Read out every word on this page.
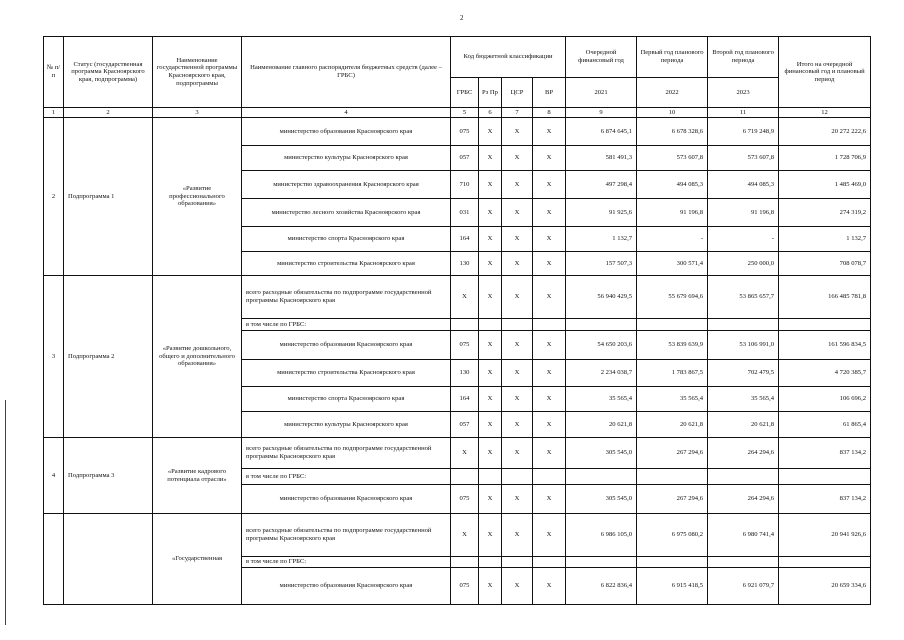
2
№ п/п	Статус (государственная программа Красноярского края, подпрограмма)	Наименование государственной программы Красноярского края, подпрограммы	Наименование главного распорядителя бюджетных средств (далее – ГРБС)	Код бюджетной классификации				Очередной финансовый год	Первый год планового периода	Второй год планового периода	Итого на очередной финансовый год и плановый период
				ГРБС	Рз Пр	ЦСР	ВР	2021	2022	2023	
1	2	3	4	5	6	7	8	9	10	11	12
2	Подпрограмма 1	«Развитие профессионального образования»	министерство образования Красноярского края	075	X	X	X	6 874 645,1	6 678 328,6	6 719 248,9	20 272 222,6
			министерство культуры Красноярского края	057	X	X	X	581 491,3	573 607,8	573 607,8	1 728 706,9
			министерство здравоохранения Красноярского края	710	X	X	X	497 298,4	494 085,3	494 085,3	1 485 469,0
			министерство лесного хозяйства Красноярского края	031	X	X	X	91 925,6	91 196,8	91 196,8	274 319,2
			министерство спорта Красноярского края	164	X	X	X	1 132,7	-	-	1 132,7
			министерство строительства Красноярского края	130	X	X	X	157 507,3	300 571,4	250 000,0	708 078,7
3	Подпрограмма 2	«Развитие дошкольного, общего и дополнительного образования»	всего расходные обязательства по подпрограмме государственной программы Красноярского края	X	X	X	X	56 940 429,5	55 679 694,6	53 865 657,7	166 485 781,8
			в том числе по ГРБС:								
			министерство образования Красноярского края	075	X	X	X	54 650 203,6	53 839 639,9	53 106 991,0	161 596 834,5
			министерство строительства Красноярского края	130	X	X	X	2 234 038,7	1 783 867,5	702 479,5	4 720 385,7
			министерство спорта Красноярского края	164	X	X	X	35 565,4	35 565,4	35 565,4	106 696,2
			министерство культуры Красноярского края	057	X	X	X	20 621,8	20 621,8	20 621,8	61 865,4
4	Подпрограмма 3	«Развитие кадрового потенциала отрасли»	всего расходные обязательства по подпрограмме государственной программы Красноярского края	X	X	X	X	305 545,0	267 294,6	264 294,6	837 134,2
			в том числе по ГРБС:								
			министерство образования Красноярского края	075	X	X	X	305 545,0	267 294,6	264 294,6	837 134,2
		«Государственная	всего расходные обязательства по подпрограмме государственной программы Красноярского края	X	X	X	X	6 986 105,0	6 975 080,2	6 980 741,4	20 941 926,6
			в том числе по ГРБС:								
			министерство образования Красноярского края	075	X	X	X	6 822 836,4	6 915 418,5	6 921 079,7	20 659 334,6
